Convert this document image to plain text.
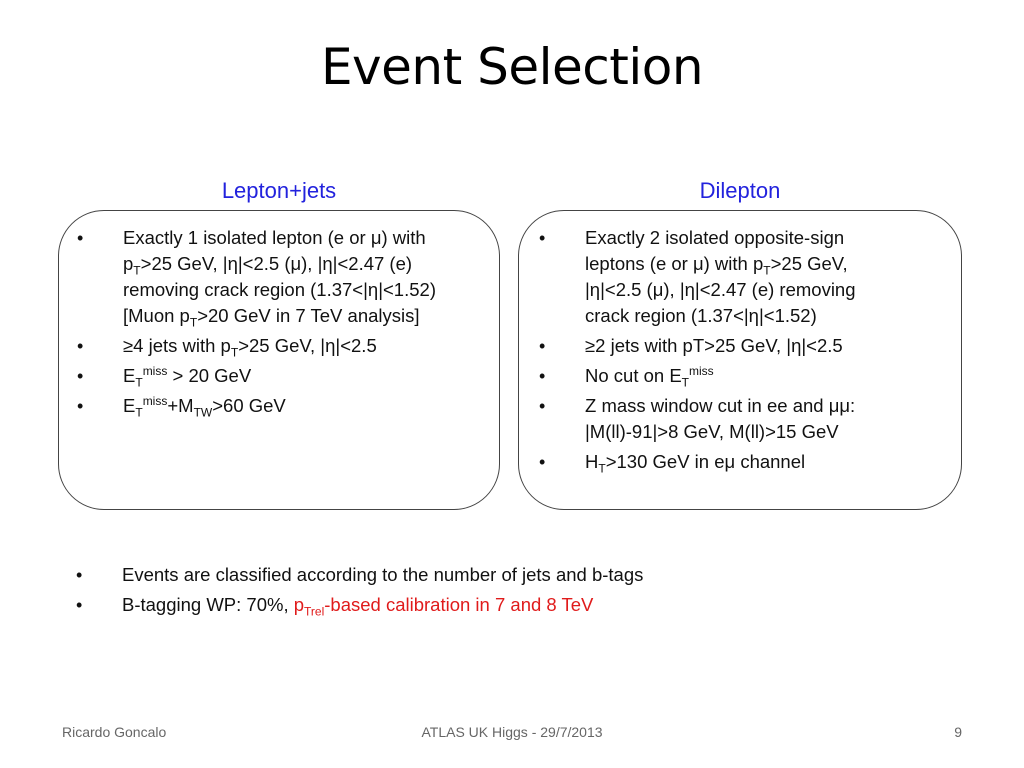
Event Selection
Lepton+jets	Dilepton
• Exactly 1 isolated lepton (e or μ) with
$p_T>25$ GeV, |η|<2.5 (μ), |η|<2.47 (e)
removing crack region (1.37<|η|<1.52)
[Muon $p_T>20$ GeV in 7 TeV analysis]
• ≥4 jets with $p_T>25$ GeV, |η|<2.5
• $E_T^{miss} > 20$ GeV
• $E_T^{miss}+M_{TW}>60$ GeV
• Exactly 2 isolated opposite-sign
leptons (e or μ) with $p_T>25$ GeV,
|η|<2.5 (μ), |η|<2.47 (e) removing
crack region (1.37<|η|<1.52)
• ≥2 jets with pT>25 GeV, |η|<2.5
• No cut on $E_T^{miss}$
• Z mass window cut in ee and μμ:
|M(ll)-91|>8 GeV, M(ll)>15 GeV
• $H_T>130$ GeV in eμ channel
• Events are classified according to the number of jets and b-tags
• B-tagging WP: 70%, $p_{Trel}$-based calibration in 7 and 8 TeV
ATLAS UK Higgs - 29/7/2013
Ricardo Goncalo	9
